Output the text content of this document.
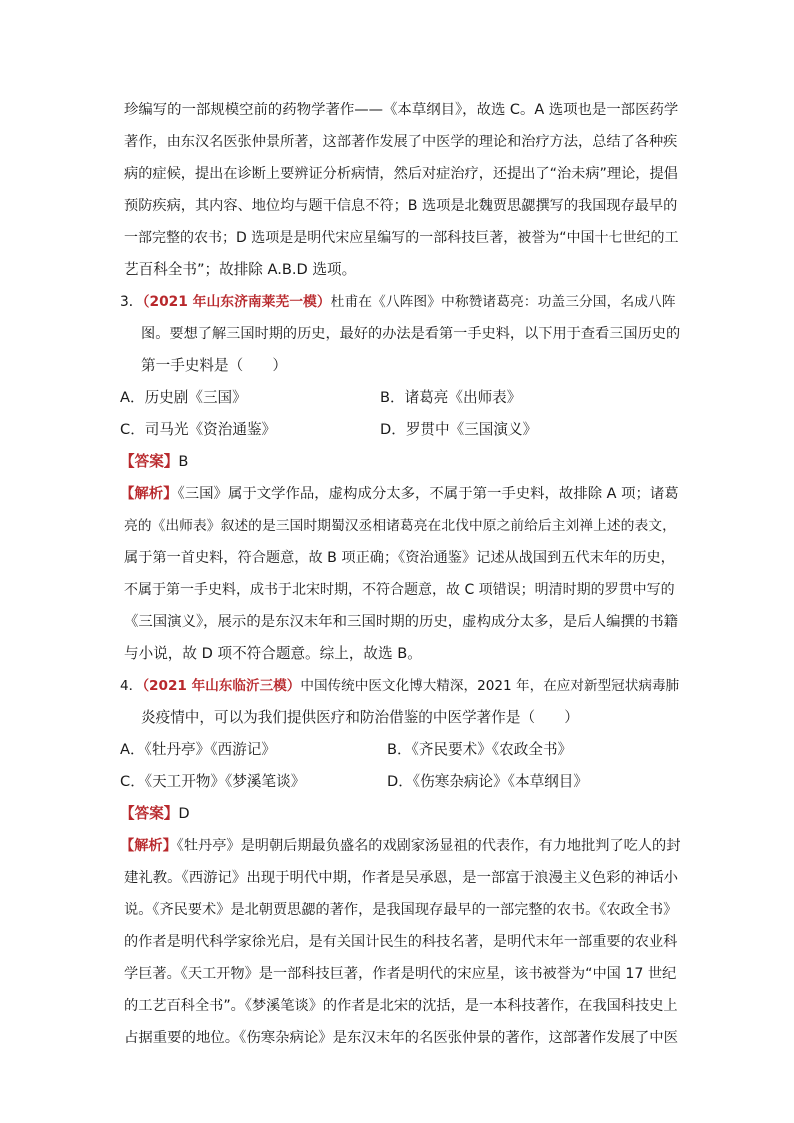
珍编写的一部规模空前的药物学著作——《本草纲目》，故选 C。A 选项也是一部医药学
著作，由东汉名医张仲景所著，这部著作发展了中医学的理论和治疗方法，总结了各种疾
病的症候，提出在诊断上要辨证分析病情，然后对症治疗，还提出了“治未病”理论，提倡
预防疾病，其内容、地位均与题干信息不符；B 选项是北魏贾思勰撰写的我国现存最早的
一部完整的农书；D 选项是是明代宋应星编写的一部科技巨著，被誉为“中国十七世纪的工
艺百科全书”；故排除 A.B.D 选项。
3．（2021 年山东济南莱芜一模）杜甫在《八阵图》中称赞诸葛亮：功盖三分国，名成八阵
图。要想了解三国时期的历史，最好的办法是看第一手史料，以下用于查看三国历史的
第一手史料是（　　）
A．历史剧《三国》	B．诸葛亮《出师表》
C．司马光《资治通鉴》	D．罗贯中《三国演义》
【答案】B
【解析】《三国》属于文学作品，虚构成分太多，不属于第一手史料，故排除 A 项；诸葛
亮的《出师表》叙述的是三国时期蜀汉丞相诸葛亮在北伐中原之前给后主刘禅上述的表文，
属于第一首史料，符合题意，故 B 项正确；《资治通鉴》记述从战国到五代末年的历史，
不属于第一手史料，成书于北宋时期，不符合题意，故 C 项错误；明清时期的罗贯中写的
《三国演义》，展示的是东汉末年和三国时期的历史，虚构成分太多，是后人编撰的书籍
与小说，故 D 项不符合题意。综上，故选 B。
4．（2021 年山东临沂三模）中国传统中医文化博大精深，2021 年，在应对新型冠状病毒肺
炎疫情中，可以为我们提供医疗和防治借鉴的中医学著作是（　　）
A．《牡丹亭》《西游记》	B．《齐民要术》《农政全书》
C．《天工开物》《梦溪笔谈》	D．《伤寒杂病论》《本草纲目》
【答案】D
【解析】《牡丹亭》是明朝后期最负盛名的戏剧家汤显祖的代表作，有力地批判了吃人的封
建礼教。《西游记》出现于明代中期，作者是吴承恩，是一部富于浪漫主义色彩的神话小
说。《齐民要术》是北朝贾思勰的著作，是我国现存最早的一部完整的农书。《农政全书》
的作者是明代科学家徐光启，是有关国计民生的科技名著，是明代末年一部重要的农业科
学巨著。《天工开物》是一部科技巨著，作者是明代的宋应星，该书被誉为“中国 17 世纪
的工艺百科全书”。《梦溪笔谈》的作者是北宋的沈括，是一本科技著作，在我国科技史上
占据重要的地位。《伤寒杂病论》是东汉末年的名医张仲景的著作，这部著作发展了中医
